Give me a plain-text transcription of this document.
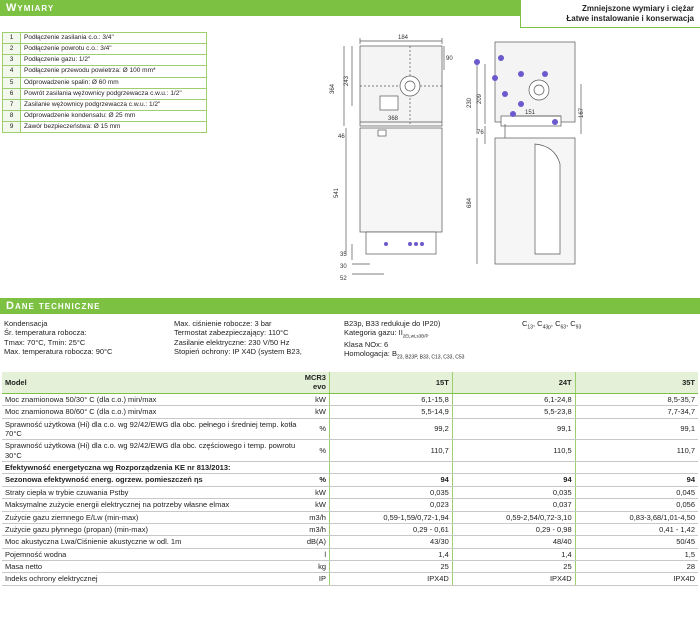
Wymiary	Zmniejszone wymiary i ciężar
Łatwe instalowanie i konserwacja
1	Podłączenie zasilania c.o.: 3/4"
2	Podłączenie powrotu c.o.: 3/4"
3	Podłączenie gazu: 1/2"
4	Podłączenie przewodu powietrza: Ø 100 mm*
5	Odprowadzenie spalin: Ø 60 mm
6	Powrót zasilania wężownicy podgrzewacza c.w.u.: 1/2"
7	Zasilanie wężownicy podgrzewacza c.w.u.: 1/2"
8	Odprowadzenie kondensatu: Ø 25 mm
9	Zawór bezpieczeństwa: Ø 15 mm
184
90
364
243
368
46
541
35
30
52
230 209
167
151
76
684
Dane techniczne
Kondensacja
Śr. temperatura robocza:
Tmax: 70°C, Tmin: 25°C
Max. temperatura robocza: 90°C
Max. ciśnienie robocze: 3 bar
Termostat zabezpieczający: 110°C
Zasilanie elektryczne: 230 V/50 Hz
Stopień ochrony: IP X4D (system B23,
B23p, B33 redukuje do IP20)
Kategoria gazu: $II_{2ELwLs3B/P}$
Klasa NOx: 6
Homologacja: $B_{23, B23P, B33, C13, C33, C53}$
$C_{13}$, $C_{43p}$, $C_{63}$, $C_{93}$
Model	MCR3 evo	15T	24T	35T
Moc znamionowa 50/30° C (dla c.o.) min/max	kW	6,1-15,8	6,1-24,8	8,5-35,7
Moc znamionowa 80/60° C (dla c.o.) min/max	kW	5,5-14,9	5,5-23,8	7,7-34,7
Sprawność użytkowa (Hi) dla c.o. wg 92/42/EWG dla obc. pełnego i średniej temp. kotła 70°C	%	99,2	99,1	99,1
Sprawność użytkowa (Hi) dla c.o. wg 92/42/EWG dla obc. częściowego i temp. powrotu 30°C	%	110,7	110,5	110,7
Efektywność energetyczna wg Rozporządzenia KE nr 813/2013:				
Sezonowa efektywność energ. ogrzew. pomieszczeń ηs	%	94	94	94
Straty ciepła w trybie czuwania Pstby	kW	0,035	0,035	0,045
Maksymalne zużycie energii elektrycznej na potrzeby własne elmax	kW	0,023	0,037	0,056
Zużycie gazu ziemnego E/Lw (min-max)	m3/h	0,59-1,59/0,72-1,94	0,59-2,54/0,72-3,10	0,83-3,68/1,01-4,50
Zużycie gazu płynnego (propan) (min-max)	m3/h	0,29 - 0,61	0,29 - 0,98	0,41 - 1,42
Moc akustyczna Lwa/Ciśnienie akustyczne w odl. 1m	dB(A)	43/30	48/40	50/45
Pojemność wodna	l	1,4	1,4	1,5
Masa netto	kg	25	25	28
Indeks ochrony elektrycznej	IP	IPX4D	IPX4D	IPX4D
